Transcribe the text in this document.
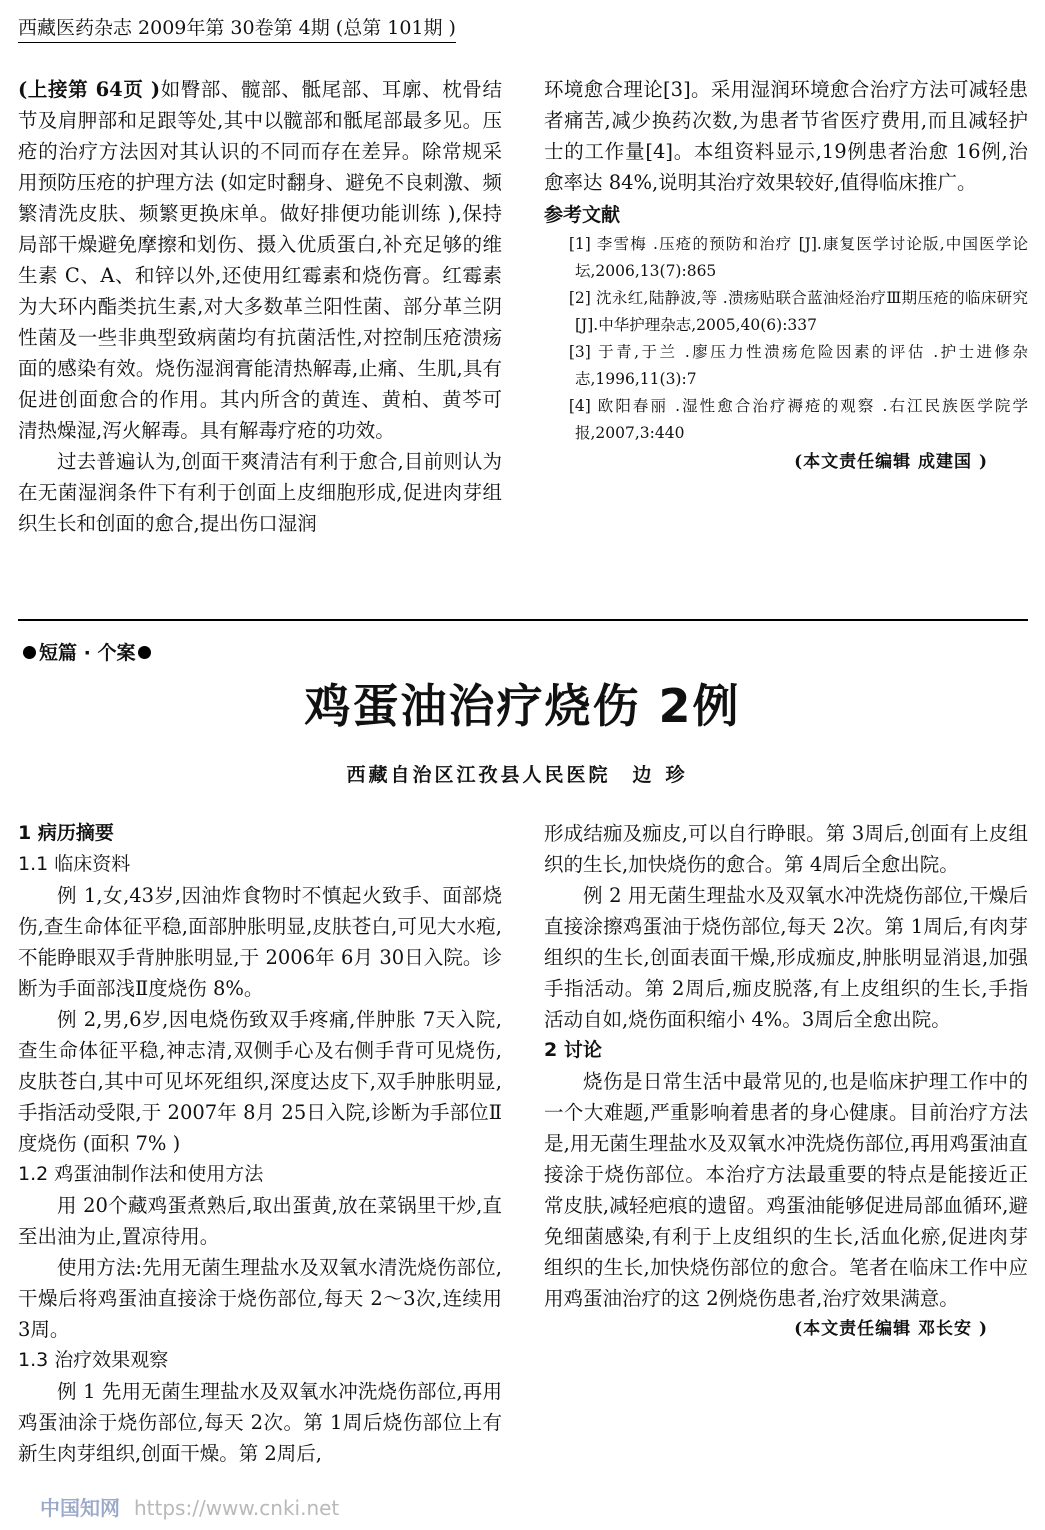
西藏医药杂志 2009年第 30卷第 4期 (总第 101期 )

(上接第 64页 )如臀部、髋部、骶尾部、耳廓、枕骨结节及肩胛部和足跟等处,其中以髋部和骶尾部最多见。压疮的治疗方法因对其认识的不同而存在差异。除常规采用预防压疮的护理方法 (如定时翻身、避免不良刺激、频繁清洗皮肤、频繁更换床单。做好排便功能训练 ),保持局部干燥避免摩擦和划伤、摄入优质蛋白,补充足够的维生素 C、A、和锌以外,还使用红霉素和烧伤膏。红霉素为大环内酯类抗生素,对大多数革兰阳性菌、部分革兰阴性菌及一些非典型致病菌均有抗菌活性,对控制压疮溃疡面的感染有效。烧伤湿润膏能清热解毒,止痛、生肌,具有促进创面愈合的作用。其内所含的黄连、黄柏、黄芩可清热燥湿,泻火解毒。具有解毒疗疮的功效。

过去普遍认为,创面干爽清洁有利于愈合,目前则认为在无菌湿润条件下有利于创面上皮细胞形成,促进肉芽组织生长和创面的愈合,提出伤口湿润

环境愈合理论[3]。采用湿润环境愈合治疗方法可减轻患者痛苦,减少换药次数,为患者节省医疗费用,而且减轻护士的工作量[4]。本组资料显示,19例患者治愈 16例,治愈率达 84%,说明其治疗效果较好,值得临床推广。

参考文献

[1] 李雪梅 .压疮的预防和治疗 [J].康复医学讨论版,中国医学论坛,2006,13(7):865

[2] 沈永红,陆静波,等 .溃疡贴联合蓝油烃治疗Ⅲ期压疮的临床研究 [J].中华护理杂志,2005,40(6):337

[3] 于青,于兰 .廖压力性溃疡危险因素的评估 .护士进修杂志,1996,11(3):7

[4] 欧阳春丽 .湿性愈合治疗褥疮的观察 .右江民族医学院学报,2007,3:440

(本文责任编辑 成建国 )

短篇 · 个案
鸡蛋油治疗烧伤 2例
西藏自治区江孜县人民医院 边珍

1 病历摘要

1.1 临床资料

例 1,女,43岁,因油炸食物时不慎起火致手、面部烧伤,查生命体征平稳,面部肿胀明显,皮肤苍白,可见大水疱,不能睁眼双手背肿胀明显,于 2006年 6月 30日入院。诊断为手面部浅Ⅱ度烧伤 8%。

例 2,男,6岁,因电烧伤致双手疼痛,伴肿胀 7天入院,查生命体征平稳,神志清,双侧手心及右侧手背可见烧伤,皮肤苍白,其中可见坏死组织,深度达皮下,双手肿胀明显,手指活动受限,于 2007年 8月 25日入院,诊断为手部位Ⅱ度烧伤 (面积 7% )

1.2 鸡蛋油制作法和使用方法

用 20个藏鸡蛋煮熟后,取出蛋黄,放在菜锅里干炒,直至出油为止,置凉待用。

使用方法:先用无菌生理盐水及双氧水清洗烧伤部位,干燥后将鸡蛋油直接涂于烧伤部位,每天 2～3次,连续用 3周。

1.3 治疗效果观察

例 1 先用无菌生理盐水及双氧水冲洗烧伤部位,再用鸡蛋油涂于烧伤部位,每天 2次。第 1周后烧伤部位上有新生肉芽组织,创面干燥。第 2周后,

形成结痂及痂皮,可以自行睁眼。第 3周后,创面有上皮组织的生长,加快烧伤的愈合。第 4周后全愈出院。

例 2 用无菌生理盐水及双氧水冲洗烧伤部位,干燥后直接涂擦鸡蛋油于烧伤部位,每天 2次。第 1周后,有肉芽组织的生长,创面表面干燥,形成痂皮,肿胀明显消退,加强手指活动。第 2周后,痂皮脱落,有上皮组织的生长,手指活动自如,烧伤面积缩小 4%。3周后全愈出院。

2 讨论

烧伤是日常生活中最常见的,也是临床护理工作中的一个大难题,严重影响着患者的身心健康。目前治疗方法是,用无菌生理盐水及双氧水冲洗烧伤部位,再用鸡蛋油直接涂于烧伤部位。本治疗方法最重要的特点是能接近正常皮肤,减轻疤痕的遗留。鸡蛋油能够促进局部血循环,避免细菌感染,有利于上皮组织的生长,活血化瘀,促进肉芽组织的生长,加快烧伤部位的愈合。笔者在临床工作中应用鸡蛋油治疗的这 2例烧伤患者,治疗效果满意。

(本文责任编辑 邓长安 )

中国知网 https://www.cnki.net
